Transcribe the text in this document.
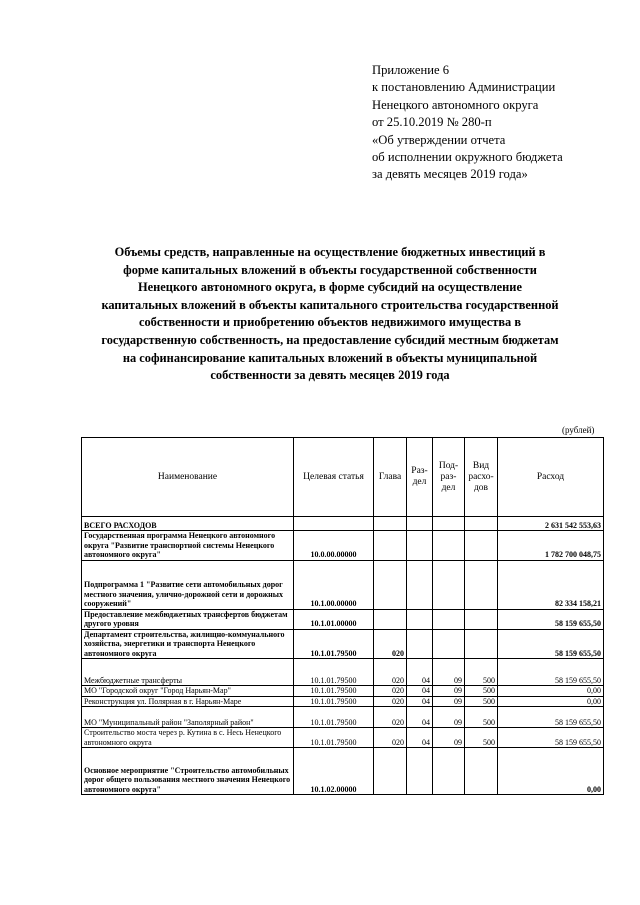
Приложение 6
к постановлению Администрации
Ненецкого автономного округа
от 25.10.2019 № 280-п
«Об утверждении отчета
об исполнении окружного бюджета
за девять месяцев 2019 года»
Объемы средств, направленные на осуществление бюджетных инвестиций в
форме капитальных вложений в объекты государственной собственности
Ненецкого автономного округа, в форме субсидий на осуществление
капитальных вложений в объекты капитального строительства государственной
собственности и приобретению объектов недвижимого имущества в
государственную собственность, на предоставление субсидий местным бюджетам
на софинансирование капитальных вложений в объекты муниципальной
собственности за девять месяцев 2019 года
(рублей)
Наименование	Целевая статья	Глава	Раз-дел	Под-раз-дел	Вид расхо-дов	Расход
ВСЕГО РАСХОДОВ						2 631 542 553,63
Государственная программа Ненецкого автономного округа "Развитие транспортной системы Ненецкого автономного округа"	10.0.00.00000					1 782 700 048,75
Подпрограмма 1 "Развитие сети автомобильных дорог местного значения, улично-дорожной сети и дорожных сооружений"	10.1.00.00000					82 334 158,21
Предоставление межбюджетных трансфертов бюджетам другого уровня	10.1.01.00000					58 159 655,50
Департамент строительства, жилищно-коммунального хозяйства, энергетики и транспорта Ненецкого автономного округа	10.1.01.79500	020				58 159 655,50
Межбюджетные трансферты	10.1.01.79500	020	04	09	500	58 159 655,50
МО "Городской округ "Город Нарьян-Мар"	10.1.01.79500	020	04	09	500	0,00
Реконструкция ул. Полярная в г. Нарьян-Маре	10.1.01.79500	020	04	09	500	0,00
МО "Муниципальный район "Заполярный район"	10.1.01.79500	020	04	09	500	58 159 655,50
Строительство моста через р. Кутина в с. Несь Ненецкого автономного округа	10.1.01.79500	020	04	09	500	58 159 655,50
Основное мероприятие "Строительство автомобильных дорог общего пользования местного значения Ненецкого автономного округа"	10.1.02.00000					0,00
